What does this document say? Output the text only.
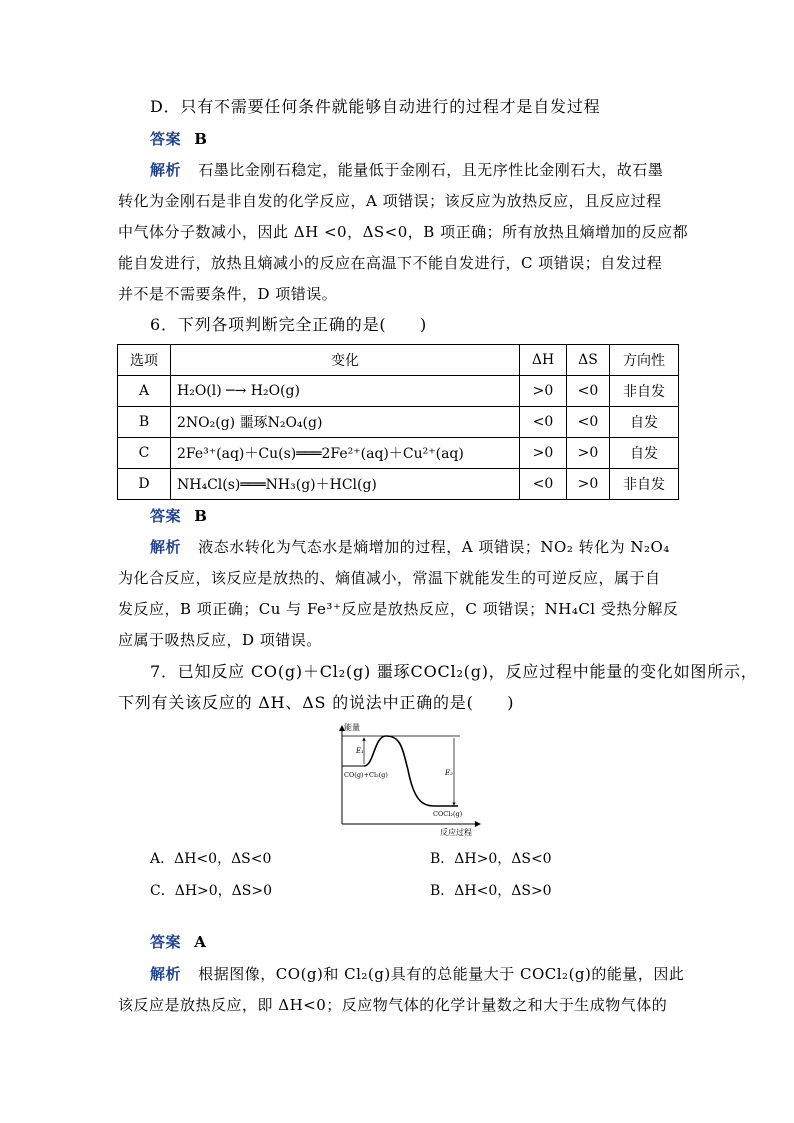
D．只有不需要任何条件就能够自动进行的过程才是自发过程
答案 B
解析 石墨比金刚石稳定，能量低于金刚石，且无序性比金刚石大，故石墨
转化为金刚石是非自发的化学反应，A 项错误；该反应为放热反应，且反应过程
中气体分子数减小，因此 ΔH <0，ΔS<0，B 项正确；所有放热且熵增加的反应都
能自发进行，放热且熵减小的反应在高温下不能自发进行，C 项错误；自发过程
并不是不需要条件，D 项错误。
6．下列各项判断完全正确的是(　　)
选项	变化	ΔH	ΔS	方向性
A	H₂O(l) ─→ H₂O(g)	>0	<0	非自发
B	2NO₂(g) 噩琢N₂O₄(g)	<0	<0	自发
C	2Fe³⁺(aq)＋Cu(s)═══2Fe²⁺(aq)＋Cu²⁺(aq)	>0	>0	自发
D	NH₄Cl(s)═══NH₃(g)＋HCl(g)	<0	>0	非自发
答案 B
解析 液态水转化为气态水是熵增加的过程，A 项错误；NO₂ 转化为 N₂O₄
为化合反应，该反应是放热的、熵值减小，常温下就能发生的可逆反应，属于自
发反应，B 项正确；Cu 与 Fe³⁺反应是放热反应，C 项错误；NH₄Cl 受热分解反
应属于吸热反应，D 项错误。
7．已知反应 CO(g)＋Cl₂(g) 噩琢COCl₂(g)，反应过程中能量的变化如图所示，
下列有关该反应的 ΔH、ΔS 的说法中正确的是(　　)
能量
反应过程
E₁
E₂
CO(g)+Cl₂(g)
COCl₂(g)
A．ΔH<0，ΔS<0	B．ΔH>0，ΔS<0
C．ΔH>0，ΔS>0	B．ΔH<0，ΔS>0
答案 A
解析 根据图像，CO(g)和 Cl₂(g)具有的总能量大于 COCl₂(g)的能量，因此
该反应是放热反应，即 ΔH<0；反应物气体的化学计量数之和大于生成物气体的
